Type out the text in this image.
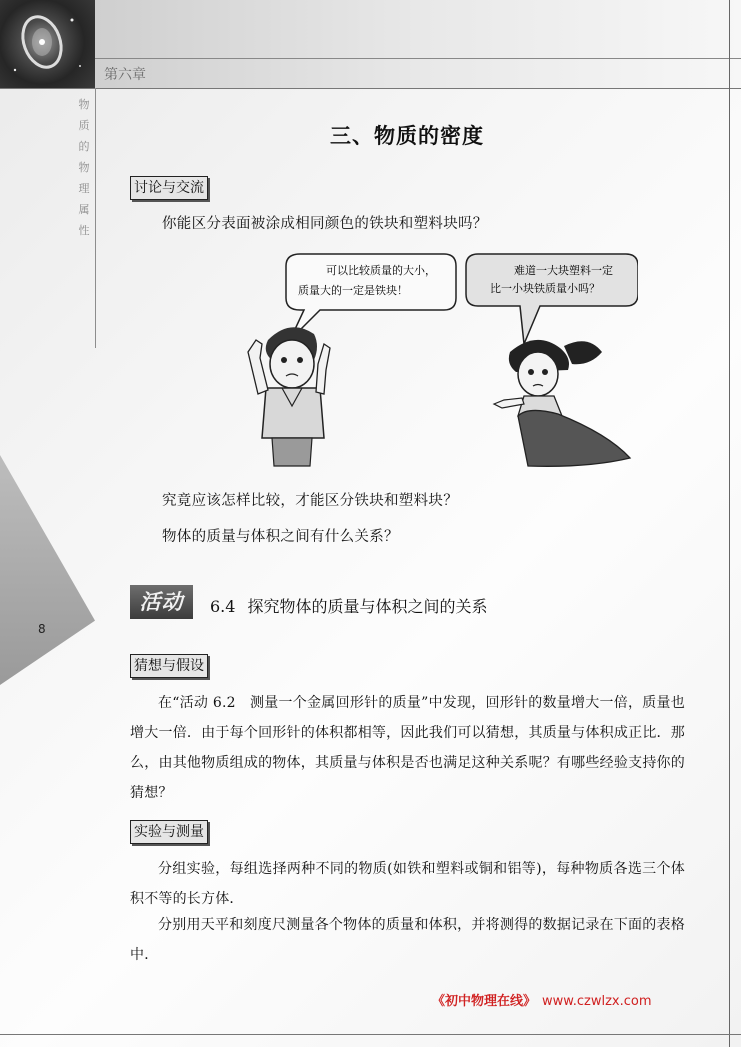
第六章
物质的物理属性
8
三、物质的密度
讨论与交流
你能区分表面被涂成相同颜色的铁块和塑料块吗？
可以比较质量的大小，
质量大的一定是铁块！
难道一大块塑料一定
比一小块铁质量小吗？
究竟应该怎样比较，才能区分铁块和塑料块？
物体的质量与体积之间有什么关系？
活动	6.4 探究物体的质量与体积之间的关系
猜想与假设
在“活动 6.2　测量一个金属回形针的质量”中发现，回形针的数量增大一倍，质量也增大一倍．由于每个回形针的体积都相等，因此我们可以猜想，其质量与体积成正比．那么，由其他物质组成的物体，其质量与体积是否也满足这种关系呢？有哪些经验支持你的猜想？
实验与测量
分组实验，每组选择两种不同的物质(如铁和塑料或铜和铝等)，每种物质各选三个体积不等的长方体．
分别用天平和刻度尺测量各个物体的质量和体积，并将测得的数据记录在下面的表格中．
《初中物理在线》 www.czwlzx.com
